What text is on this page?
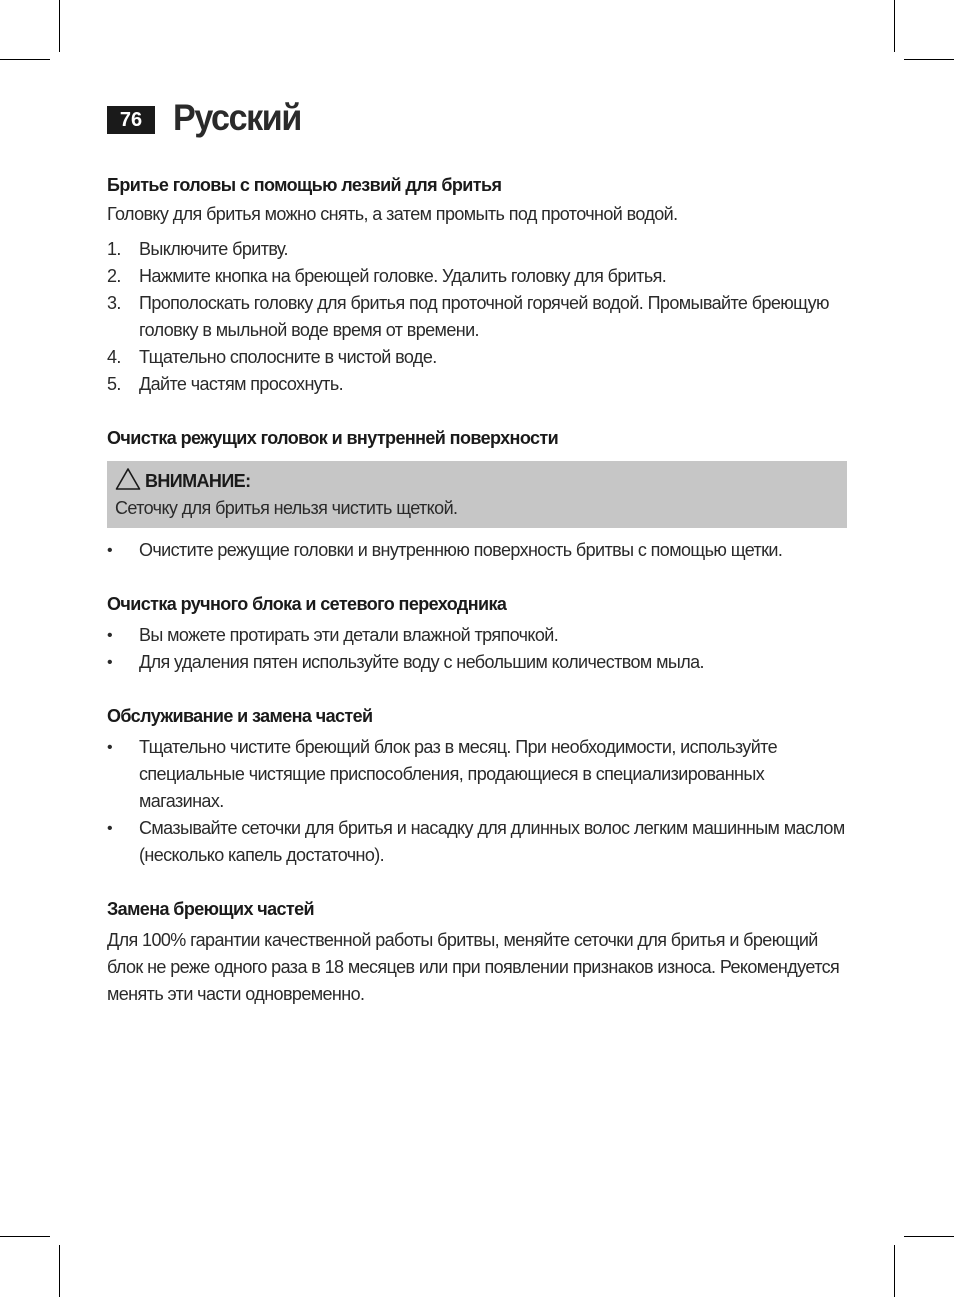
76 Русский
Бритье головы с помощью лезвий для бритья
Головку для бритья можно снять, а затем промыть под проточной водой.
1. Выключите бритву.
2. Нажмите кнопка на бреющей головке. Удалить головку для бритья.
3. Прополоскать головку для бритья под проточной горячей водой. Промывайте бреющую головку в мыльной воде время от времени.
4. Тщательно сполосните в чистой воде.
5. Дайте частям просохнуть.
Очистка режущих головок и внутренней поверхности
ВНИМАНИЕ:
Сеточку для бритья нельзя чистить щеткой.
• Очистите режущие головки и внутреннюю поверхность бритвы с помощью щетки.
Очистка ручного блока и сетевого переходника
• Вы можете протирать эти детали влажной тряпочкой.
• Для удаления пятен используйте воду с небольшим количеством мыла.
Обслуживание и замена частей
• Тщательно чистите бреющий блок раз в месяц. При необходимости, используйте специальные чистящие приспособления, продающиеся в специализированных магазинах.
• Смазывайте сеточки для бритья и насадку для длинных волос легким машинным маслом (несколько капель достаточно).
Замена бреющих частей
Для 100% гарантии качественной работы бритвы, меняйте сеточки для бритья и бреющий блок не реже одного раза в 18 месяцев или при появлении признаков износа. Рекомендуется менять эти части одновременно.
